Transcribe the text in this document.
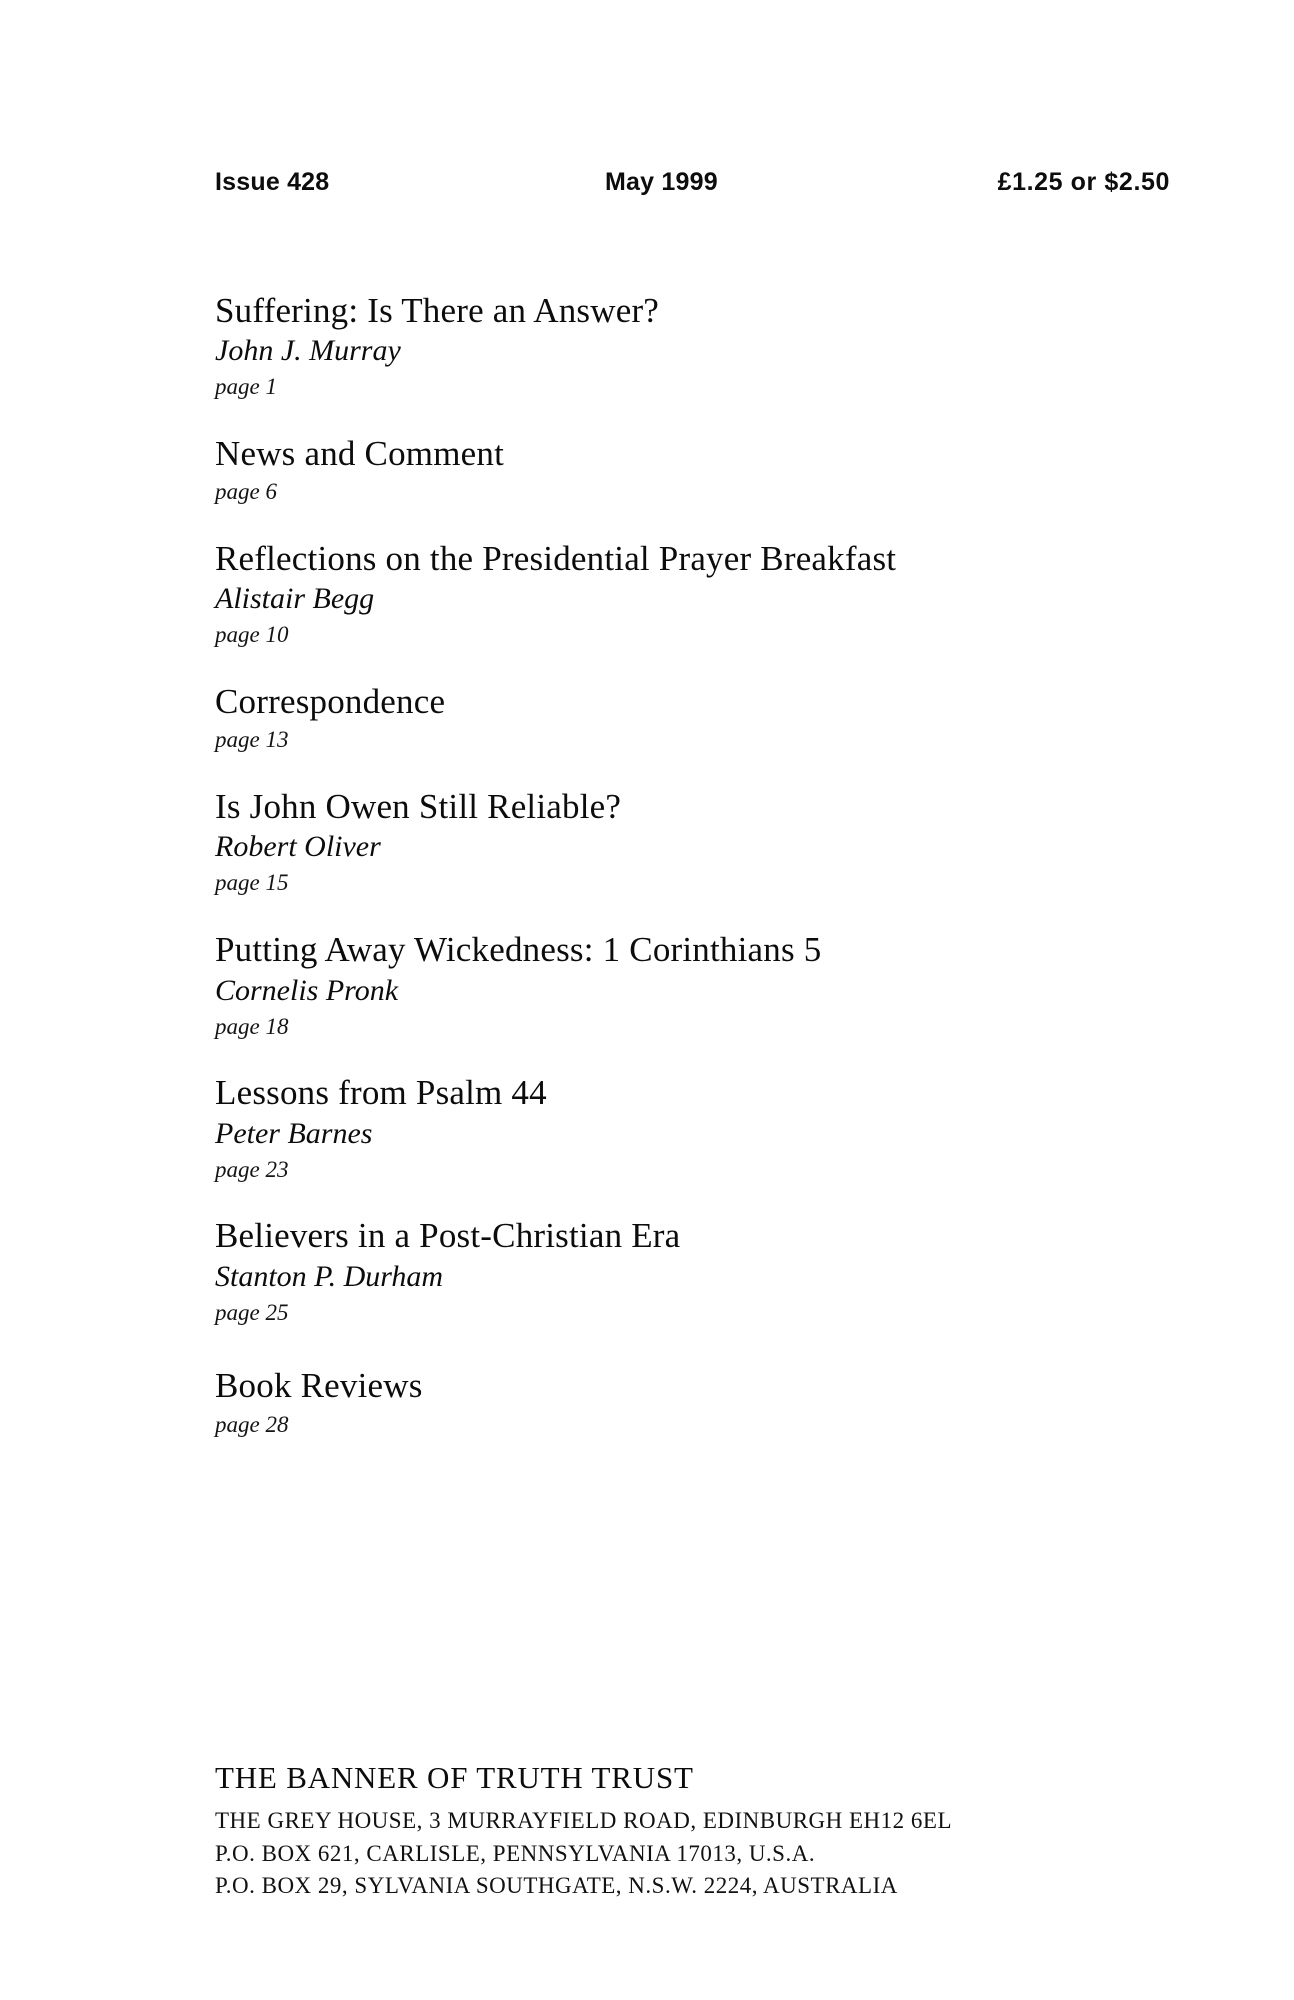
Issue 428	May 1999	£1.25 or $2.50
Suffering: Is There an Answer?
John J. Murray
page 1
News and Comment
page 6
Reflections on the Presidential Prayer Breakfast
Alistair Begg
page 10
Correspondence
page 13
Is John Owen Still Reliable?
Robert Oliver
page 15
Putting Away Wickedness: 1 Corinthians 5
Cornelis Pronk
page 18
Lessons from Psalm 44
Peter Barnes
page 23
Believers in a Post-Christian Era
Stanton P. Durham
page 25
Book Reviews
page 28
THE BANNER OF TRUTH TRUST
THE GREY HOUSE, 3 MURRAYFIELD ROAD, EDINBURGH EH12 6EL
P.O. BOX 621, CARLISLE, PENNSYLVANIA 17013, U.S.A.
P.O. BOX 29, SYLVANIA SOUTHGATE, N.S.W. 2224, AUSTRALIA
